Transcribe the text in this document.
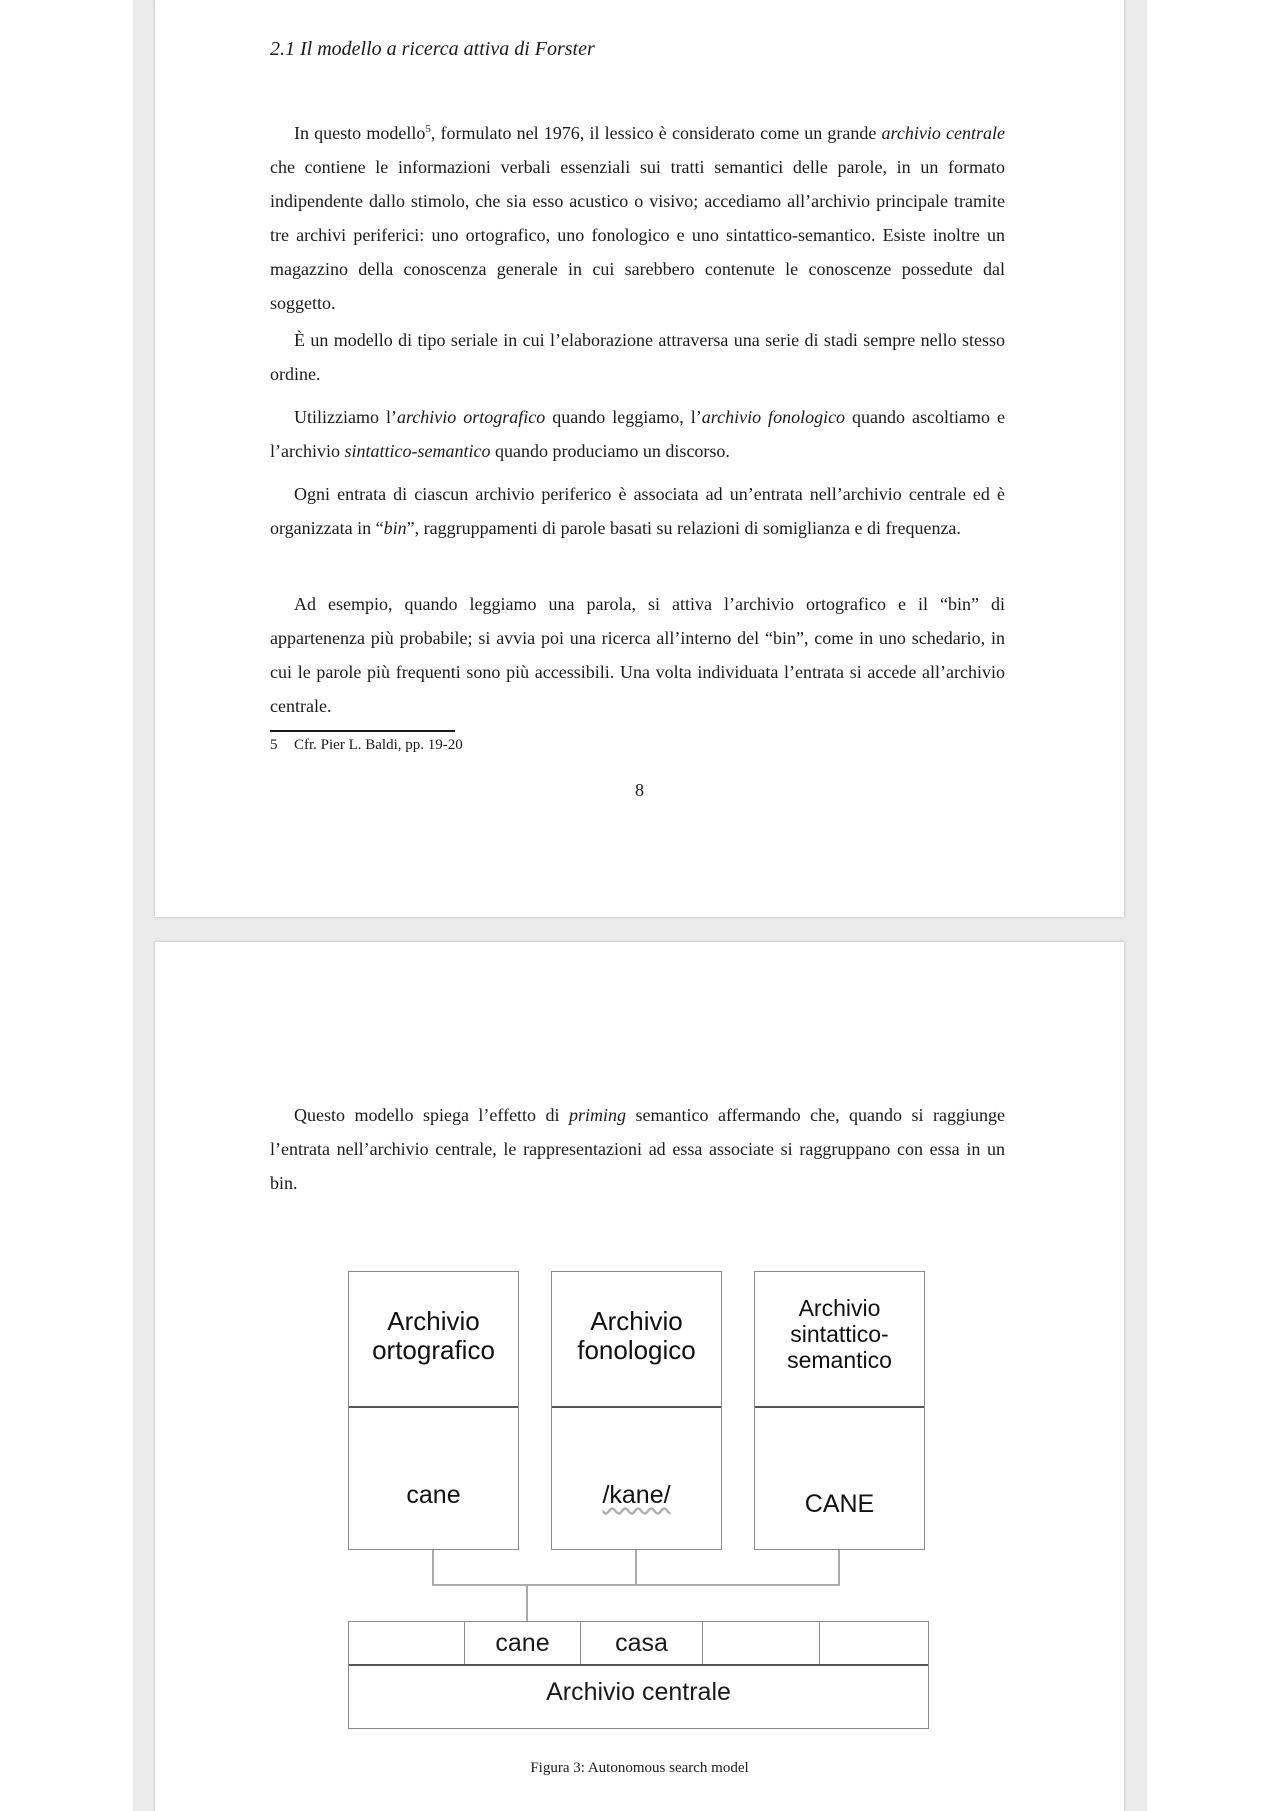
2.1 Il modello a ricerca attiva di Forster

In questo modello$^5$, formulato nel 1976, il lessico è considerato come un grande archivio centrale che contiene le informazioni verbali essenziali sui tratti semantici delle parole, in un formato indipendente dallo stimolo, che sia esso acustico o visivo; accediamo all’archivio principale tramite tre archivi periferici: uno ortografico, uno fonologico e uno sintattico-semantico. Esiste inoltre un magazzino della conoscenza generale in cui sarebbero contenute le conoscenze possedute dal soggetto.

È un modello di tipo seriale in cui l’elaborazione attraversa una serie di stadi sempre nello stesso ordine.

Utilizziamo l’archivio ortografico quando leggiamo, l’archivio fonologico quando ascoltiamo e l’archivio sintattico-semantico quando produciamo un discorso.

Ogni entrata di ciascun archivio periferico è associata ad un’entrata nell’archivio centrale ed è organizzata in “bin”, raggruppamenti di parole basati su relazioni di somiglianza e di frequenza.

Ad esempio, quando leggiamo una parola, si attiva l’archivio ortografico e il “bin” di appartenenza più probabile; si avvia poi una ricerca all’interno del “bin”, come in uno schedario, in cui le parole più frequenti sono più accessibili. Una volta individuata l’entrata si accede all’archivio centrale.

5 Cfr. Pier L. Baldi, pp. 19-20
8

Questo modello spiega l’effetto di priming semantico affermando che, quando si raggiunge l’entrata nell’archivio centrale, le rappresentazioni ad essa associate si raggruppano con essa in un bin.

Archivio
ortografico
cane
Archivio
fonologico
/kane/
Archivio
sintattico-
semantico
CANE
cane	casa
Archivio centrale
Figura 3: Autonomous search model
